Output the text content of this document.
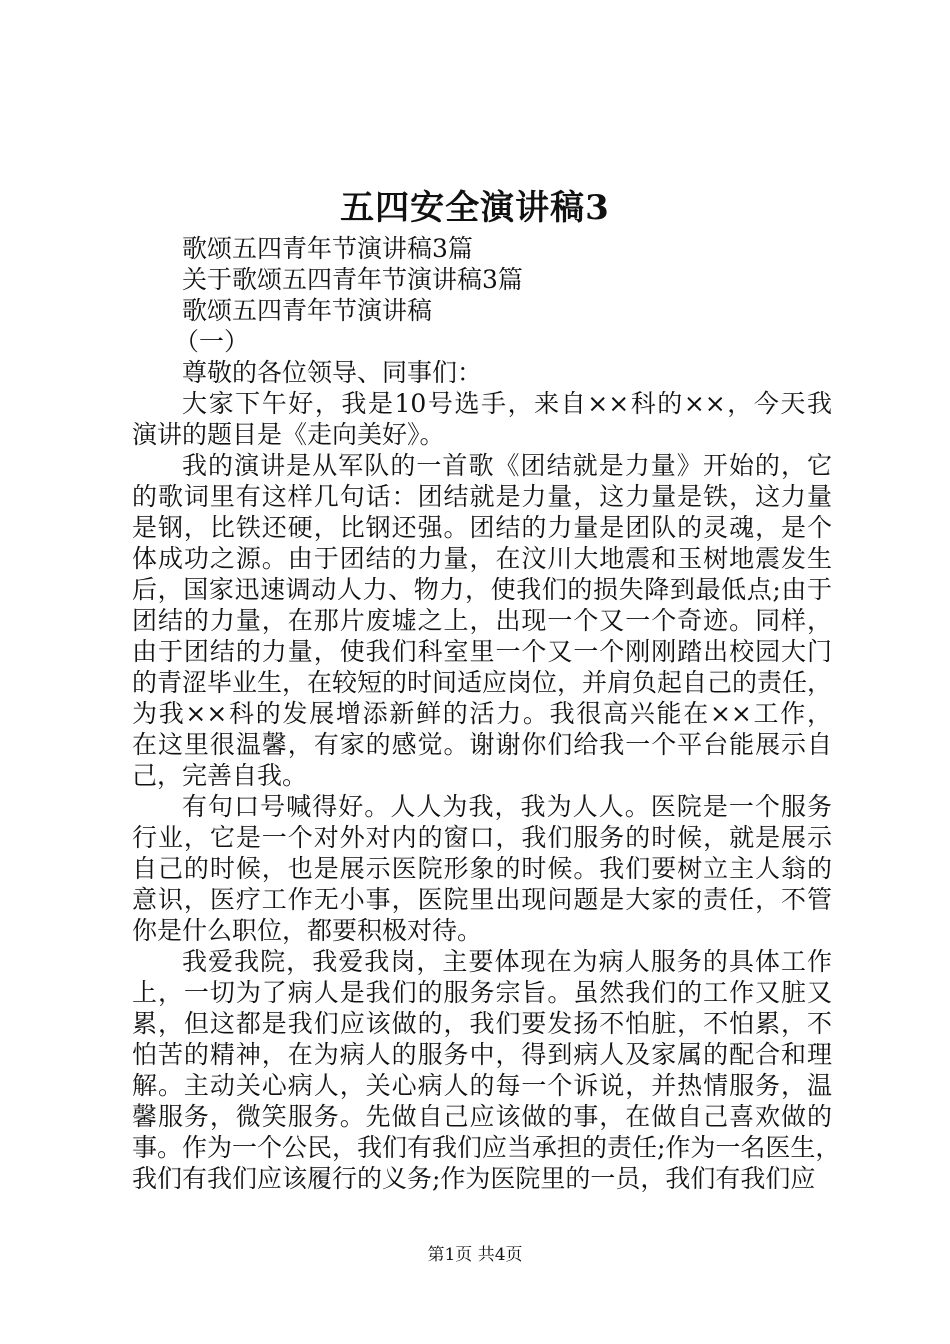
五四安全演讲稿3

歌颂五四青年节演讲稿3篇

关于歌颂五四青年节演讲稿3篇

歌颂五四青年节演讲稿

（一）

尊敬的各位领导、同事们：

大家下午好，我是10号选手，来自××科的××，今天我

演讲的题目是《走向美好》。

我的演讲是从军队的一首歌《团结就是力量》开始的，它

的歌词里有这样几句话：团结就是力量，这力量是铁，这力量

是钢，比铁还硬，比钢还强。团结的力量是团队的灵魂，是个

体成功之源。由于团结的力量，在汶川大地震和玉树地震发生

后，国家迅速调动人力、物力，使我们的损失降到最低点;由于

团结的力量，在那片废墟之上，出现一个又一个奇迹。同样，

由于团结的力量，使我们科室里一个又一个刚刚踏出校园大门

的青涩毕业生，在较短的时间适应岗位，并肩负起自己的责任，

为我××科的发展增添新鲜的活力。我很高兴能在××工作，

在这里很温馨，有家的感觉。谢谢你们给我一个平台能展示自

己，完善自我。

有句口号喊得好。人人为我，我为人人。医院是一个服务

行业，它是一个对外对内的窗口，我们服务的时候，就是展示

自己的时候，也是展示医院形象的时候。我们要树立主人翁的

意识，医疗工作无小事，医院里出现问题是大家的责任，不管

你是什么职位，都要积极对待。

我爱我院，我爱我岗，主要体现在为病人服务的具体工作

上，一切为了病人是我们的服务宗旨。虽然我们的工作又脏又

累，但这都是我们应该做的，我们要发扬不怕脏，不怕累，不

怕苦的精神，在为病人的服务中，得到病人及家属的配合和理

解。主动关心病人，关心病人的每一个诉说，并热情服务，温

馨服务，微笑服务。先做自己应该做的事，在做自己喜欢做的

事。作为一个公民，我们有我们应当承担的责任;作为一名医生，

我们有我们应该履行的义务;作为医院里的一员，我们有我们应

第1页 共4页
